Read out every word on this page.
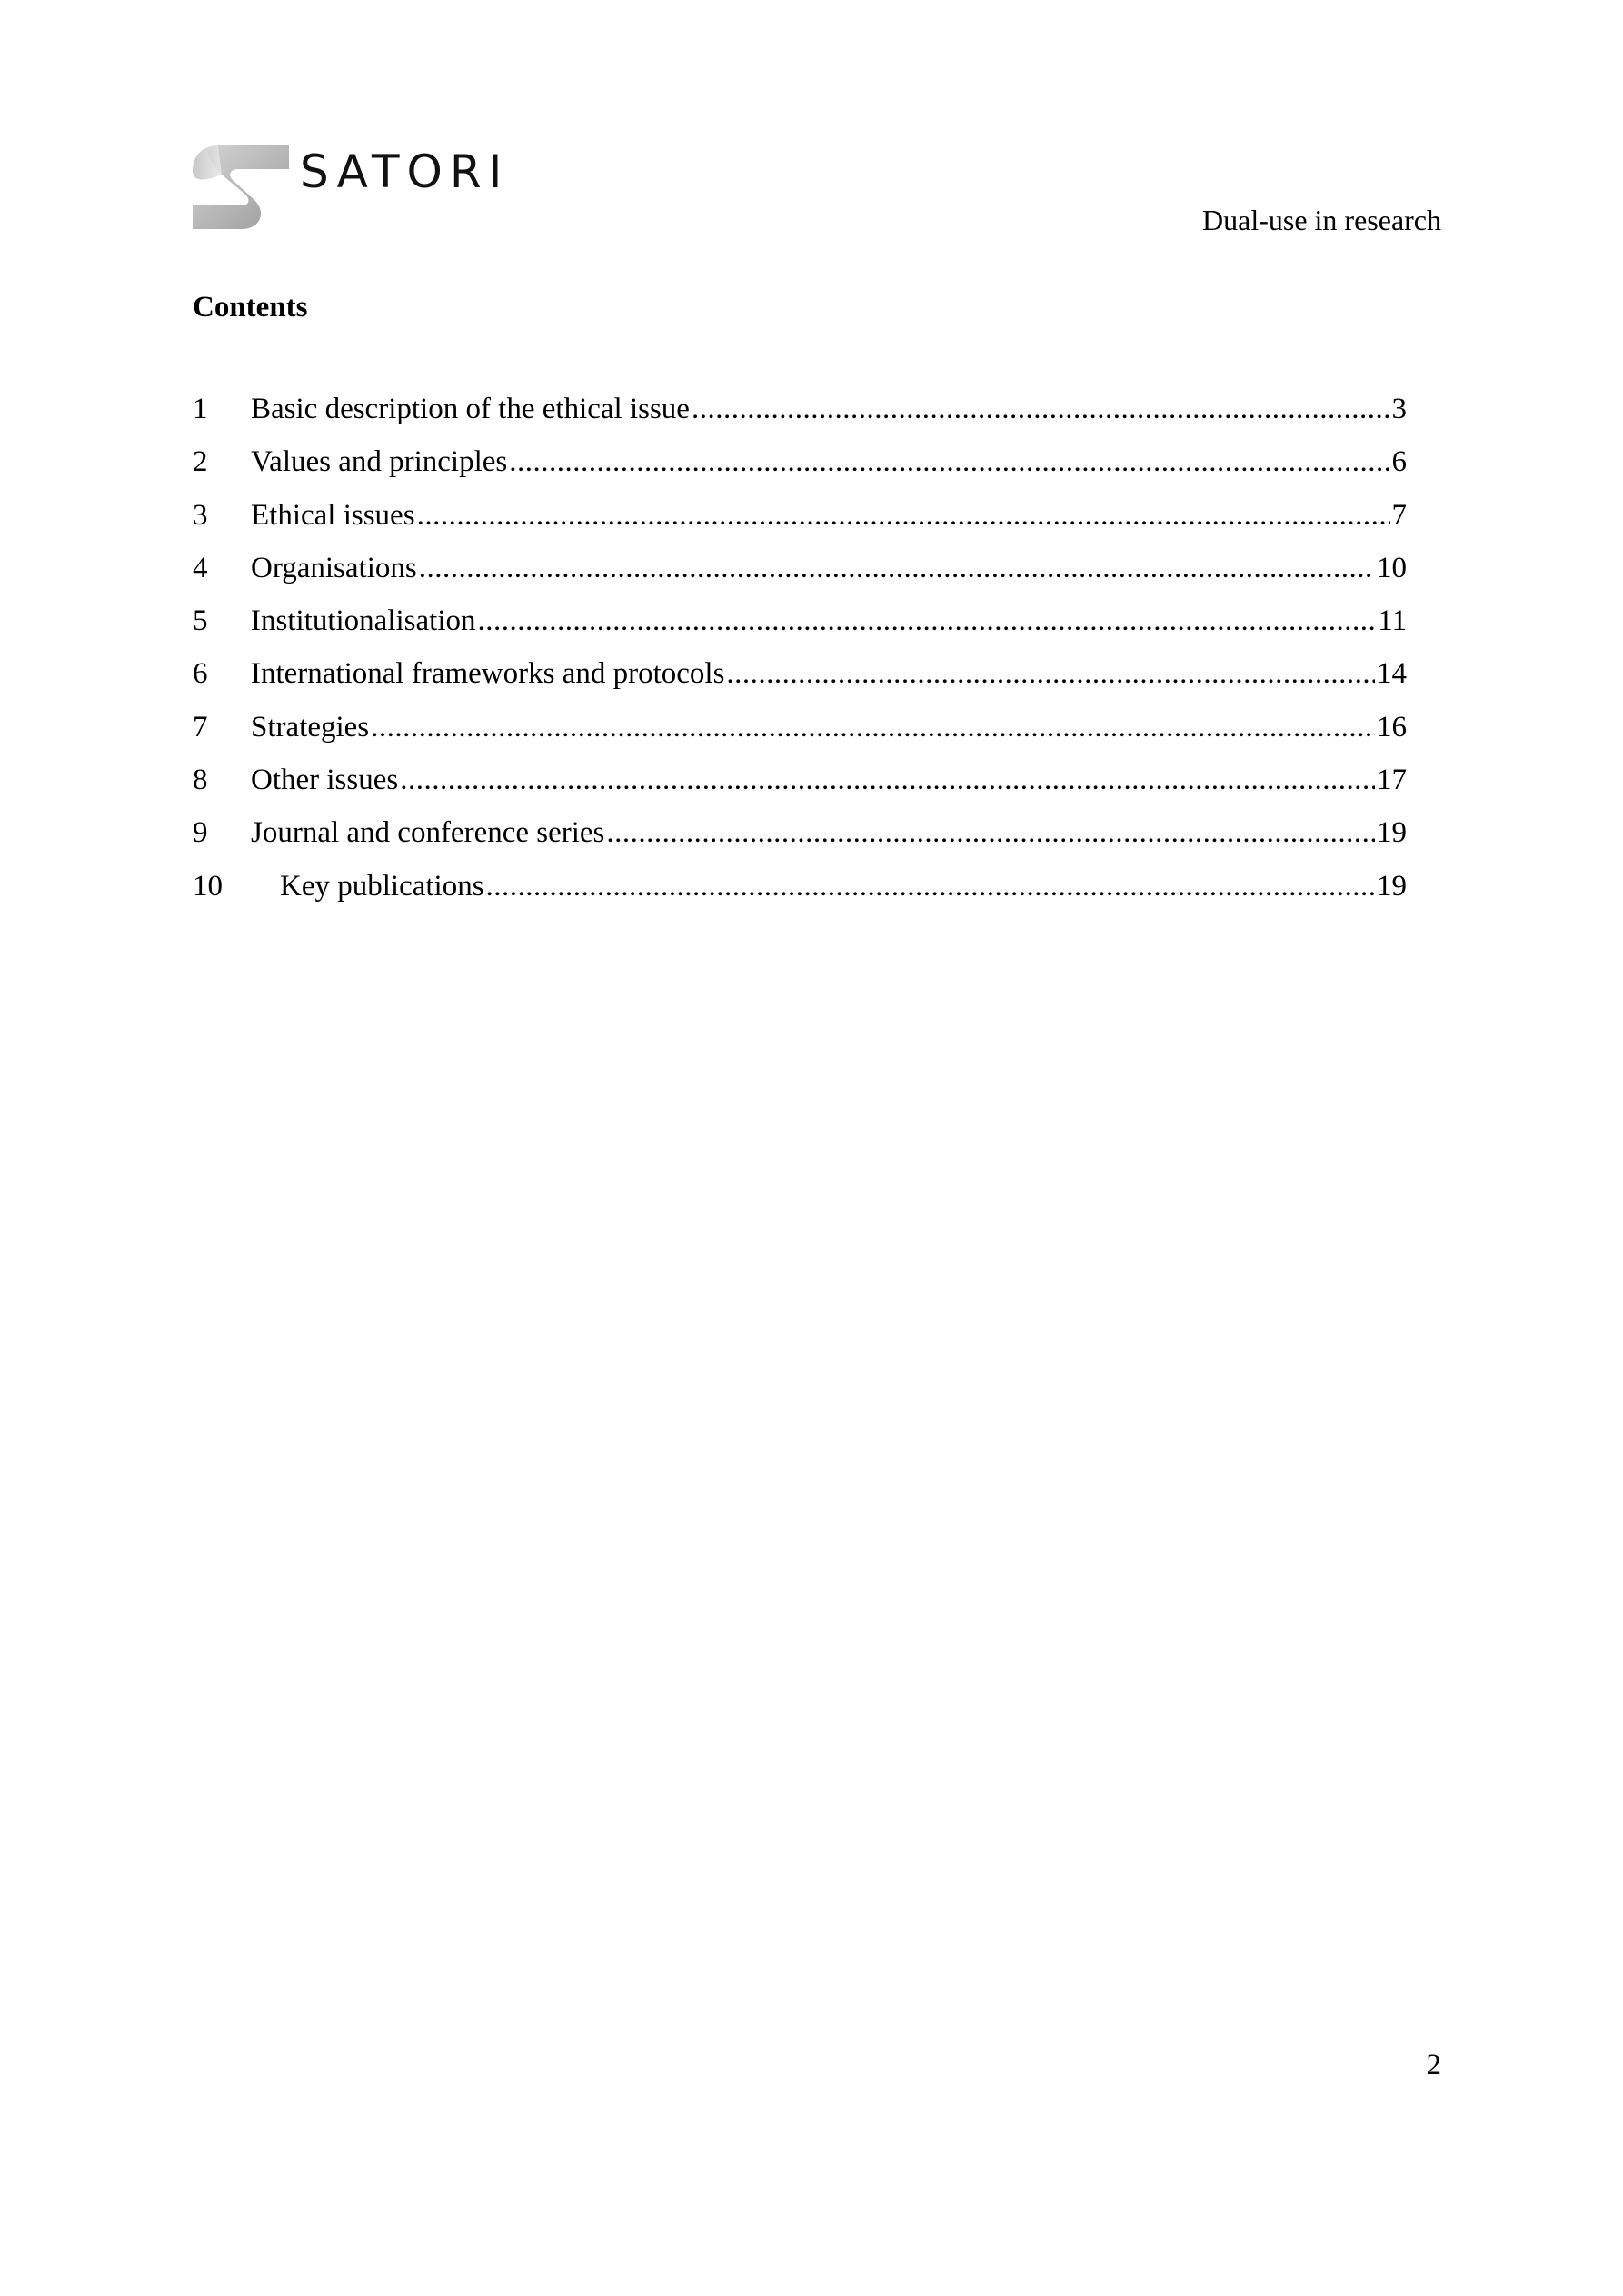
SATORI
Dual-use in research
Contents
1	Basic description of the ethical issue .....	3
2	Values and principles .....	6
3	Ethical issues .....	7
4	Organisations .....	10
5	Institutionalisation .....	11
6	International frameworks and protocols .....	14
7	Strategies .....	16
8	Other issues .....	17
9	Journal and conference series .....	19
10	Key publications .....	19
2
